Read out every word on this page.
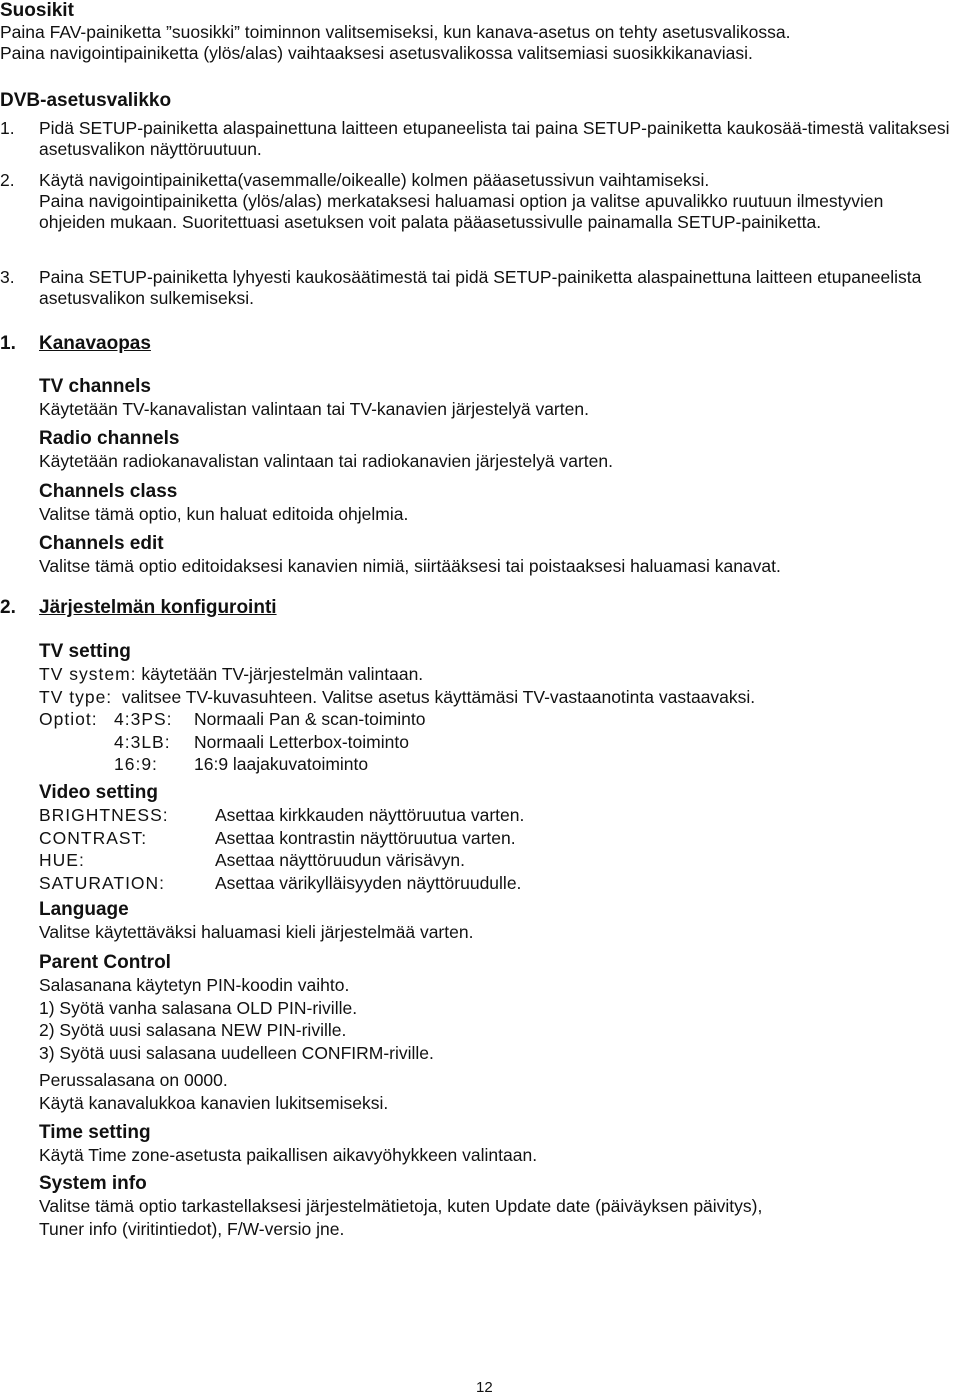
Suosikit
Paina FAV-painiketta ”suosikki” toiminnon valitsemiseksi, kun kanava-asetus on tehty asetusvalikossa.
Paina navigointipainiketta (ylös/alas) vaihtaaksesi asetusvalikossa valitsemiasi suosikkikanaviasi.
DVB-asetusvalikko
1.	Pidä SETUP-painiketta alaspainettuna laitteen etupaneelista tai paina SETUP-painiketta kaukosää-timestä valitaksesi asetusvalikon näyttöruutuun.
2.	Käytä navigointipainiketta(vasemmalle/oikealle) kolmen pääasetussivun vaihtamiseksi.
Paina navigointipainiketta (ylös/alas) merkataksesi haluamasi option ja valitse apuvalikko ruutuun ilmestyvien ohjeiden mukaan. Suoritettuasi asetuksen voit palata pääasetussivulle painamalla SETUP-painiketta.
3.	Paina SETUP-painiketta lyhyesti kaukosäätimestä tai pidä SETUP-painiketta alaspainettuna laitteen etupaneelista asetusvalikon sulkemiseksi.
1. Kanavaopas
TV channels
Käytetään TV-kanavalistan valintaan tai TV-kanavien järjestelyä varten.
Radio channels
Käytetään radiokanavalistan valintaan tai radiokanavien järjestelyä varten.
Channels class
Valitse tämä optio, kun haluat editoida ohjelmia.
Channels edit
Valitse tämä optio editoidaksesi kanavien nimiä, siirtääksesi tai poistaaksesi haluamasi kanavat.
2. Järjestelmän konfigurointi
TV setting
TV system: käytetään TV-järjestelmän valintaan.
TV type: valitsee TV-kuvasuhteen. Valitse asetus käyttämäsi TV-vastaanotinta vastaavaksi.
Optiot: 4:3PS:	Normaali Pan & scan-toiminto
4:3LB:	Normaali Letterbox-toiminto
16:9:	16:9 laajakuvatoiminto
Video setting
BRIGHTNESS:	Asettaa kirkkauden näyttöruutua varten.
CONTRAST:	Asettaa kontrastin näyttöruutua varten.
HUE:	Asettaa näyttöruudun värisävyn.
SATURATION:	Asettaa värikylläisyyden näyttöruudulle.
Language
Valitse käytettäväksi haluamasi kieli järjestelmää varten.
Parent Control
Salasanana käytetyn PIN-koodin vaihto.
1) Syötä vanha salasana OLD PIN-riville.
2) Syötä uusi salasana NEW PIN-riville.
3) Syötä uusi salasana uudelleen CONFIRM-riville.
Perussalasana on 0000.
Käytä kanavalukkoa kanavien lukitsemiseksi.
Time setting
Käytä Time zone-asetusta paikallisen aikavyöhykkeen valintaan.
System info
Valitse tämä optio tarkastellaksesi järjestelmätietoja, kuten Update date (päiväyksen päivitys),
Tuner info (viritintiedot), F/W-versio jne.
12
